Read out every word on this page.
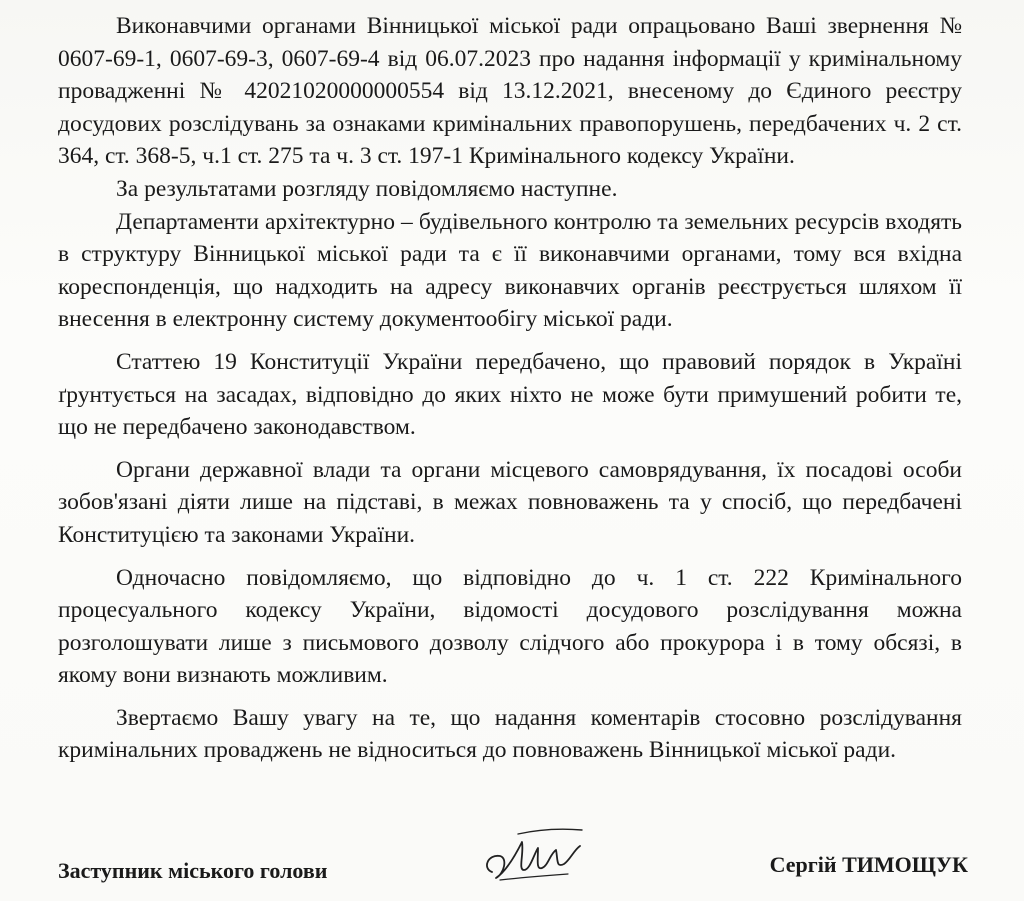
Виконавчими органами Вінницької міської ради опрацьовано Ваші звернення № 0607-69-1, 0607-69-3, 0607-69-4 від 06.07.2023 про надання інформації у кримінальному провадженні № 42021020000000554 від 13.12.2021, внесеному до Єдиного реєстру досудових розслідувань за ознаками кримінальних правопорушень, передбачених ч. 2 ст. 364, ст. 368-5, ч.1 ст. 275 та ч. 3 ст. 197-1 Кримінального кодексу України.

За результатами розгляду повідомляємо наступне.

Департаменти архітектурно – будівельного контролю та земельних ресурсів входять в структуру Вінницької міської ради та є її виконавчими органами, тому вся вхідна кореспонденція, що надходить на адресу виконавчих органів реєструється шляхом її внесення в електронну систему документообігу міської ради.

Статтею 19 Конституції України передбачено, що правовий порядок в Україні ґрунтується на засадах, відповідно до яких ніхто не може бути примушений робити те, що не передбачено законодавством.

Органи державної влади та органи місцевого самоврядування, їх посадові особи зобов'язані діяти лише на підставі, в межах повноважень та у спосіб, що передбачені Конституцією та законами України.

Одночасно повідомляємо, що відповідно до ч. 1 ст. 222 Кримінального процесуального кодексу України, відомості досудового розслідування можна розголошувати лише з письмового дозволу слідчого або прокурора і в тому обсязі, в якому вони визнають можливим.

Звертаємо Вашу увагу на те, що надання коментарів стосовно розслідування кримінальних проваджень не відноситься до повноважень Вінницької міської ради.

Заступник міського голови	Сергій ТИМОЩУК
